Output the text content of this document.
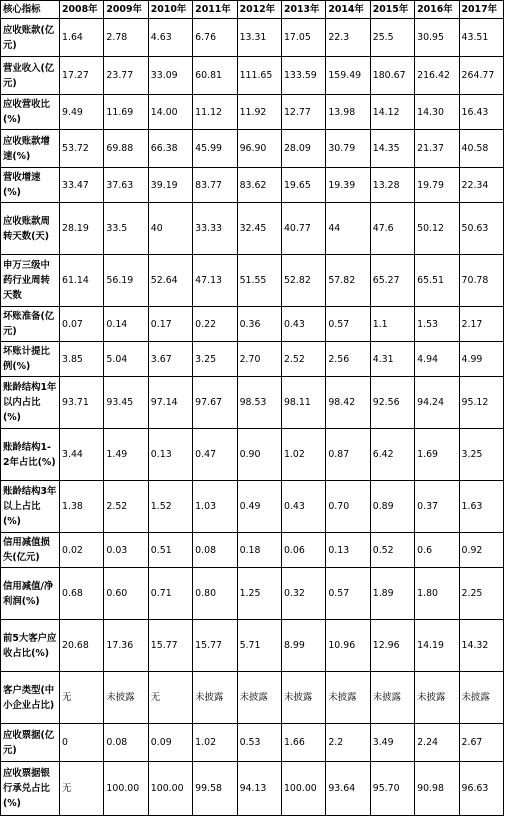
核心指标	2008年	2009年	2010年	2011年	2012年	2013年	2014年	2015年	2016年	2017年
应收账款(亿元)	1.64	2.78	4.63	6.76	13.31	17.05	22.3	25.5	30.95	43.51
营业收入(亿元)	17.27	23.77	33.09	60.81	111.65	133.59	159.49	180.67	216.42	264.77
应收营收比(%)	9.49	11.69	14.00	11.12	11.92	12.77	13.98	14.12	14.30	16.43
应收账款增速(%)	53.72	69.88	66.38	45.99	96.90	28.09	30.79	14.35	21.37	40.58
营收增速(%)	33.47	37.63	39.19	83.77	83.62	19.65	19.39	13.28	19.79	22.34
应收账款周转天数(天)	28.19	33.5	40	33.33	32.45	40.77	44	47.6	50.12	50.63
申万三级中药行业周转天数	61.14	56.19	52.64	47.13	51.55	52.82	57.82	65.27	65.51	70.78
坏账准备(亿元)	0.07	0.14	0.17	0.22	0.36	0.43	0.57	1.1	1.53	2.17
坏账计提比例(%)	3.85	5.04	3.67	3.25	2.70	2.52	2.56	4.31	4.94	4.99
账龄结构1年以内占比(%)	93.71	93.45	97.14	97.67	98.53	98.11	98.42	92.56	94.24	95.12
账龄结构1-2年占比(%)	3.44	1.49	0.13	0.47	0.90	1.02	0.87	6.42	1.69	3.25
账龄结构3年以上占比(%)	1.38	2.52	1.52	1.03	0.49	0.43	0.70	0.89	0.37	1.63
信用减值损失(亿元)	0.02	0.03	0.51	0.08	0.18	0.06	0.13	0.52	0.6	0.92
信用减值/净利润(%)	0.68	0.60	0.71	0.80	1.25	0.32	0.57	1.89	1.80	2.25
前5大客户应收占比(%)	20.68	17.36	15.77	15.77	5.71	8.99	10.96	12.96	14.19	14.32
客户类型(中小企业占比)	无	未披露	无	未披露	未披露	未披露	未披露	未披露	未披露	未披露
应收票据(亿元)	0	0.08	0.09	1.02	0.53	1.66	2.2	3.49	2.24	2.67
应收票据银行承兑占比(%)	无	100.00	100.00	99.58	94.13	100.00	93.64	95.70	90.98	96.63
